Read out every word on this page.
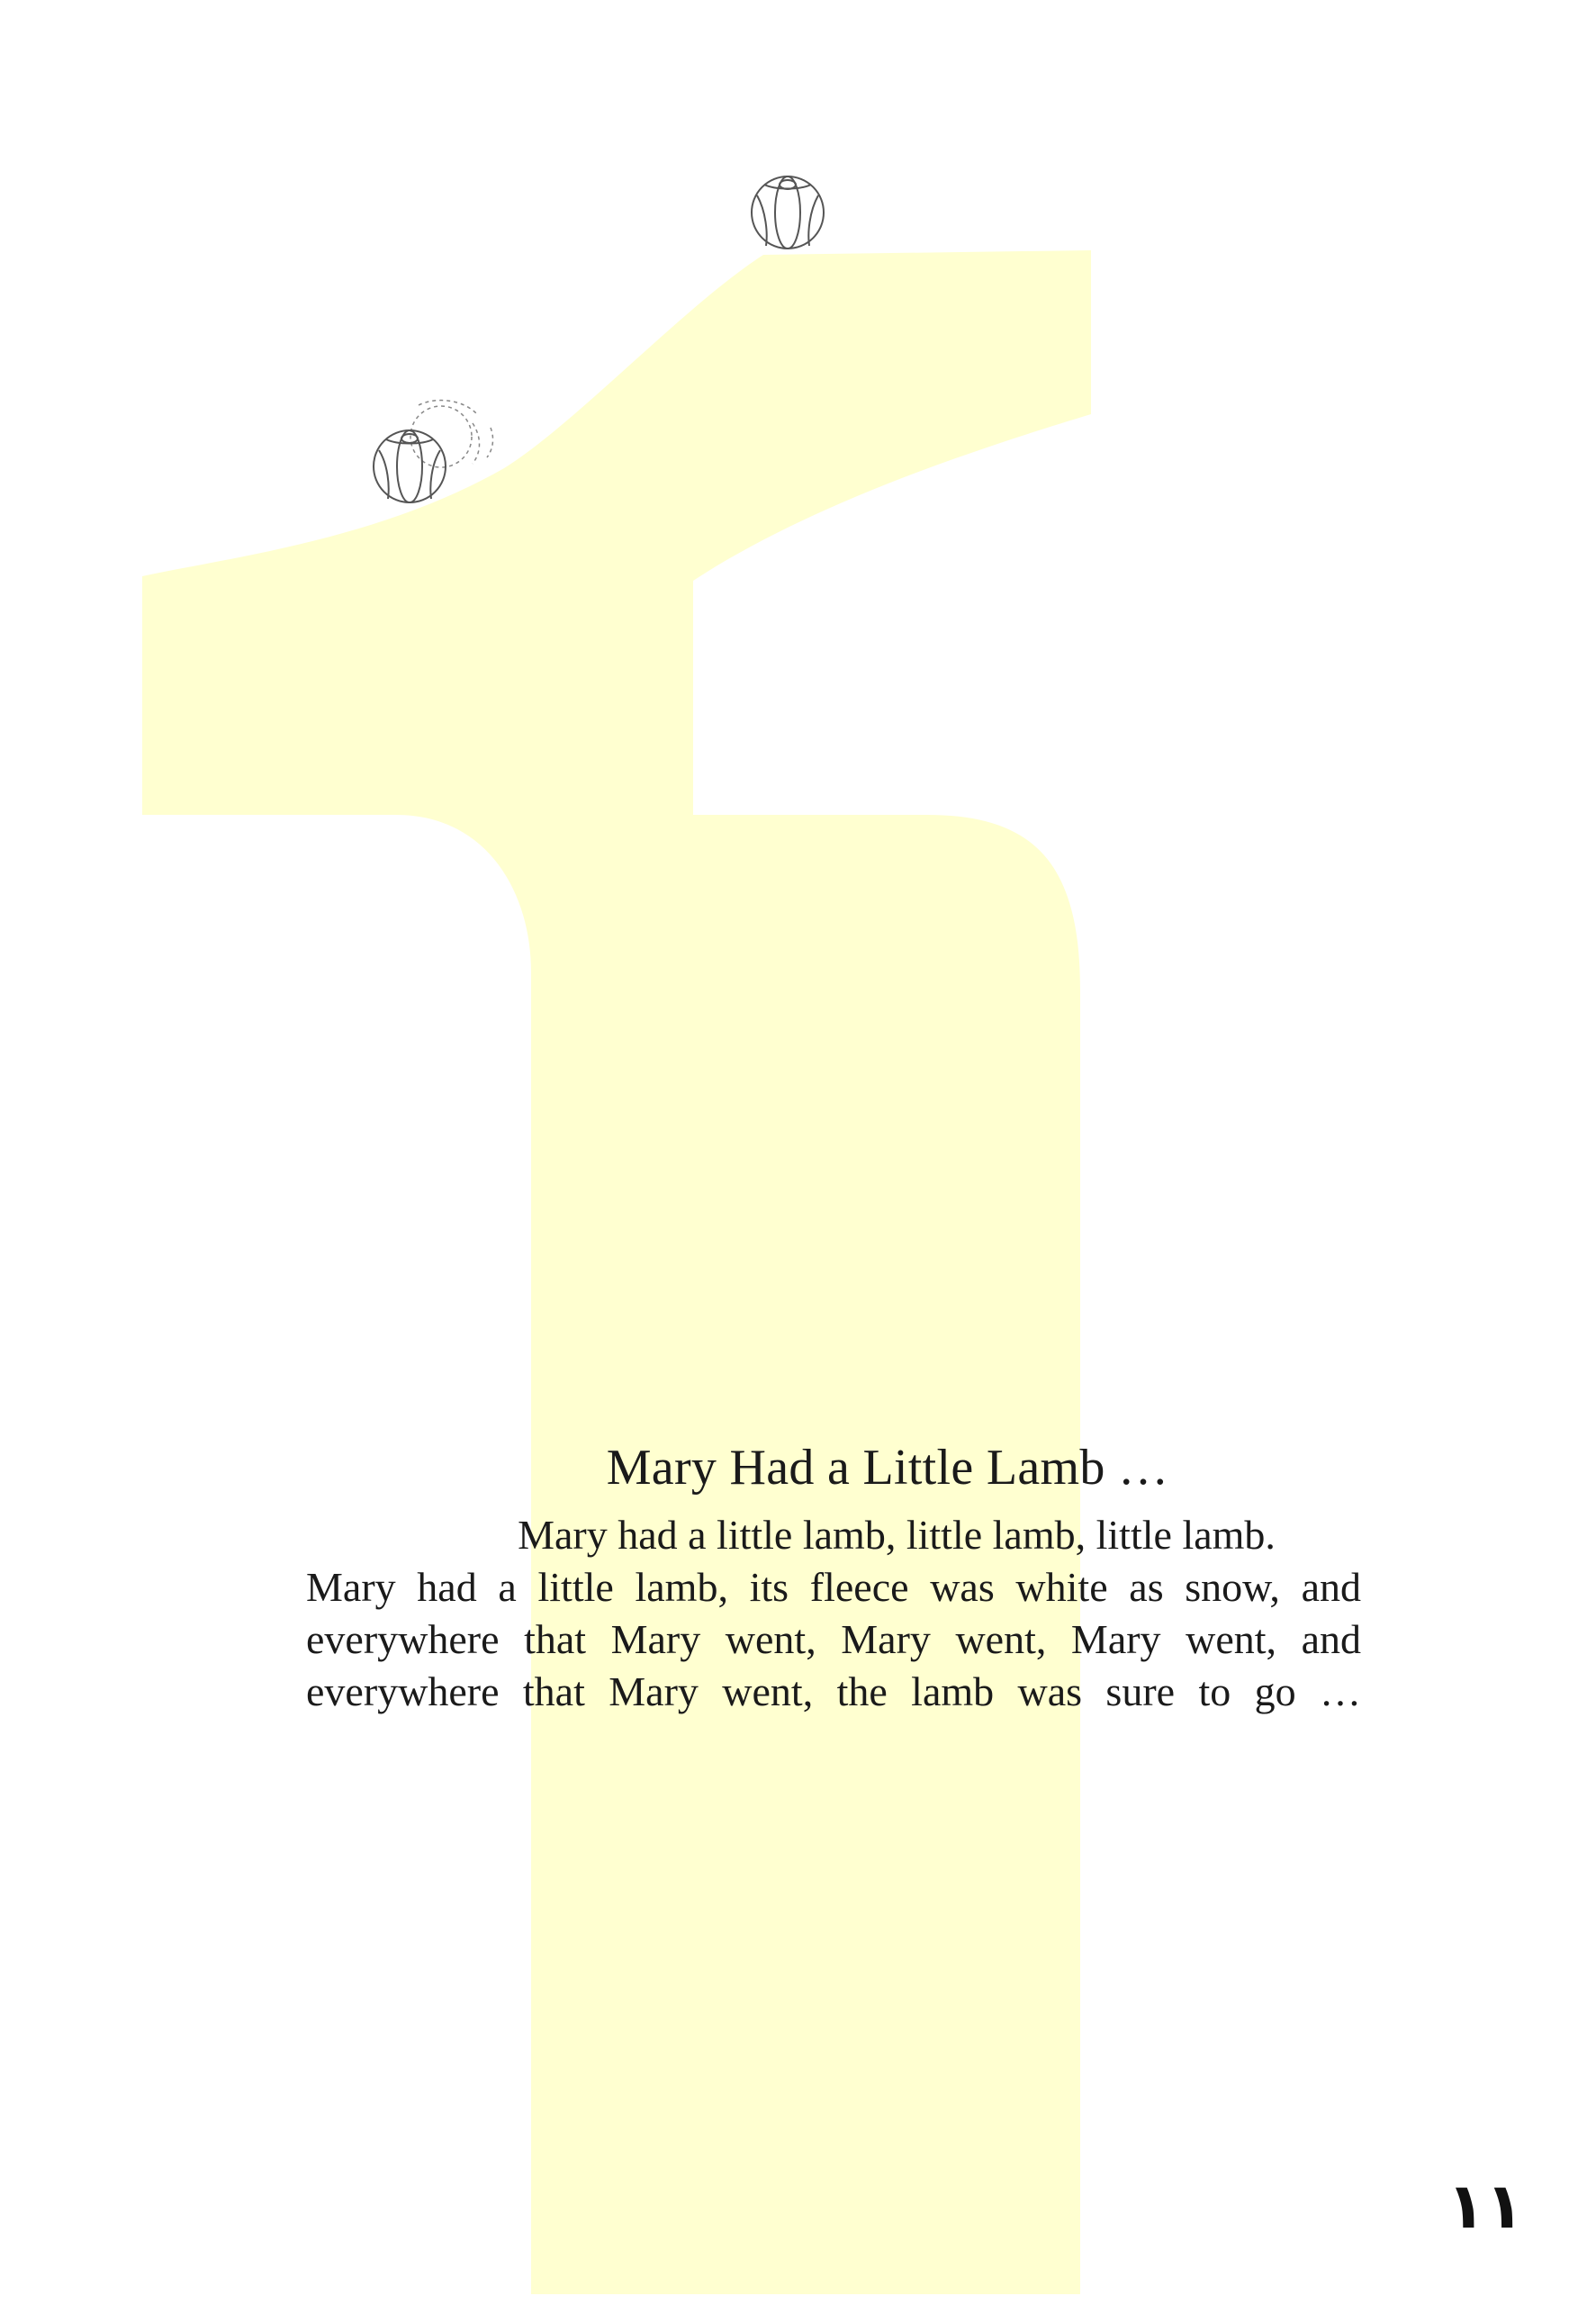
Mary Had a Little Lamb …

Mary had a little lamb, little lamb, little lamb.

Mary had a little lamb, its fleece was white as snow, and
everywhere that Mary went, Mary went, Mary went, and
everywhere that Mary went, the lamb was sure to go …

١١
